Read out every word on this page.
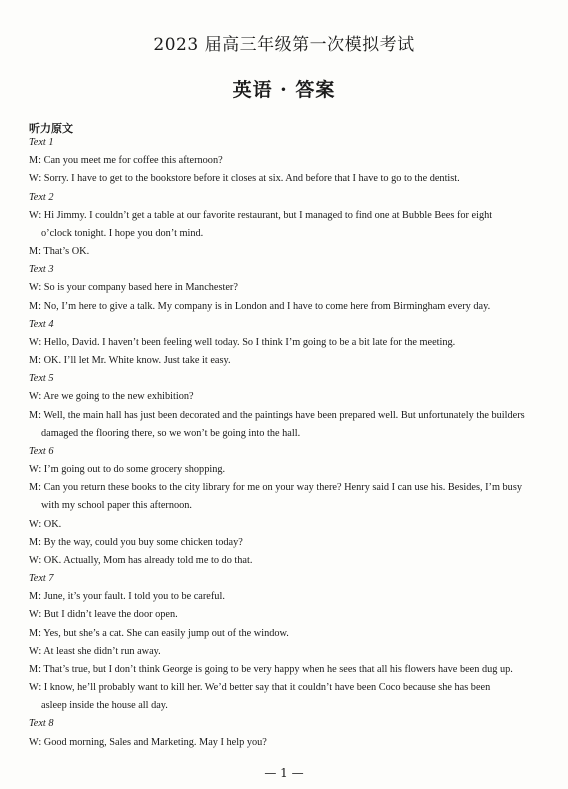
2023 届高三年级第一次模拟考试
英语 · 答案
听力原文
Text 1
M: Can you meet me for coffee this afternoon?
W: Sorry. I have to get to the bookstore before it closes at six. And before that I have to go to the dentist.
Text 2
W: Hi Jimmy. I couldn’t get a table at our favorite restaurant, but I managed to find one at Bubble Bees for eight
o’clock tonight. I hope you don’t mind.
M: That’s OK.
Text 3
W: So is your company based here in Manchester?
M: No, I’m here to give a talk. My company is in London and I have to come here from Birmingham every day.
Text 4
W: Hello, David. I haven’t been feeling well today. So I think I’m going to be a bit late for the meeting.
M: OK. I’ll let Mr. White know. Just take it easy.
Text 5
W: Are we going to the new exhibition?
M: Well, the main hall has just been decorated and the paintings have been prepared well. But unfortunately the builders
damaged the flooring there, so we won’t be going into the hall.
Text 6
W: I’m going out to do some grocery shopping.
M: Can you return these books to the city library for me on your way there? Henry said I can use his. Besides, I’m busy
with my school paper this afternoon.
W: OK.
M: By the way, could you buy some chicken today?
W: OK. Actually, Mom has already told me to do that.
Text 7
M: June, it’s your fault. I told you to be careful.
W: But I didn’t leave the door open.
M: Yes, but she’s a cat. She can easily jump out of the window.
W: At least she didn’t run away.
M: That’s true, but I don’t think George is going to be very happy when he sees that all his flowers have been dug up.
W: I know, he’ll probably want to kill her. We’d better say that it couldn’t have been Coco because she has been
asleep inside the house all day.
Text 8
W: Good morning, Sales and Marketing. May I help you?
— 1 —
